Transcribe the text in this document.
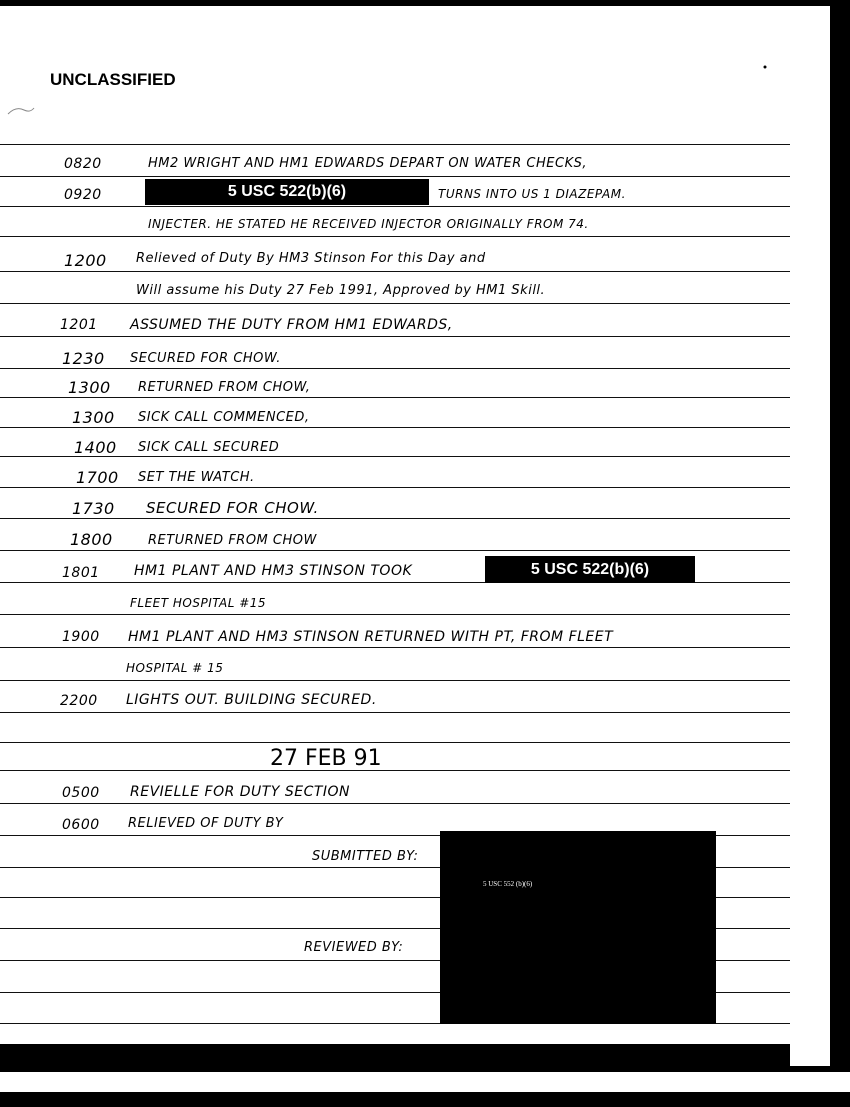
UNCLASSIFIED
0820	HM2 WRIGHT AND HM1 EDWARDS DEPART ON WATER CHECKS,
0920	5 USC 522(b)(6)	TURNS INTO US 1 DIAZEPAM.
INJECTER. HE STATED HE RECEIVED INJECTOR ORIGINALLY FROM 74.
1200	Relieved of Duty By HM3 Stinson For this Day and
Will assume his Duty 27 Feb 1991, Approved by HM1 Skill.
1201 ASSUMED THE DUTY FROM HM1 EDWARDS,
1230 SECURED FOR CHOW.
1300 RETURNED FROM CHOW,
1300 SICK CALL COMMENCED,
1400 SICK CALL SECURED
1700 SET THE WATCH.
1730 SECURED FOR CHOW.
1800	RETURNED FROM CHOW
1801 HM1 PLANT AND HM3 STINSON TOOK	5 USC 522(b)(6)
FLEET HOSPITAL #15
1900 HM1 PLANT AND HM3 STINSON RETURNED WITH PT, FROM FLEET
HOSPITAL # 15
2200 LIGHTS OUT. BUILDING SECURED.
27 FEB 91
0500 REVIELLE FOR DUTY SECTION
0600 RELIEVED OF DUTY BY
SUBMITTED BY:
REVIEWED BY:
5 USC 552 (b)(6)
